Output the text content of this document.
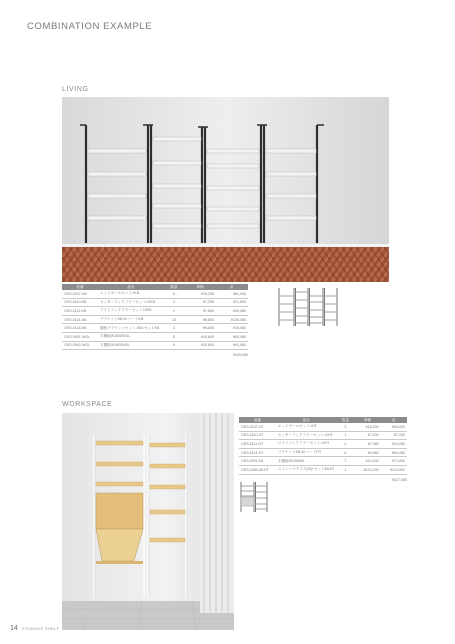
COMBINATION EXAMPLE
LIVING
品番	品名	数量	単価	計
OSS-0037-KB	エッジポールセット×KB	5	¥16,208	¥81,040
OSS-0110-KB	センターフックフラーセット×2KB	3	¥7,208	¥21,600
OSS-0111-KB	ワイドフックフラーセット×2KB	2	¥7,800	¥34,080
OSS-0114-KB	ブラケットKB-M ハードKB	16	¥8,800	¥106,080
OSS-0118-KB	棚板ブラケットセット-KB×セットKB	3	¥5,808	¥15,080
OSS-0901-WGL	木棚板W1000WGL	8	¥10,800	¥84,080
OSS-0902-WGL	木棚板W1000WGL	9	¥10,800	¥91,080
¥449,080
WORKSPACE
品番	品名	数量	単価	計
OSS-0107-HT	エッジポールセット×HT	3	¥18,200	¥54,600
OSS-0110-HT	センターフックフラーセット×2HT	1	¥7,200	¥7,200
OSS-0111-HT	ワイドフックフラーセット×2HT	2	¥7,080	¥14,080
OSS-0114-HT	ブラケットKB-M ハードHT	8	¥8,080	¥64,080
OSS-0901-ML	木棚板W1000ML	7	¥10,200	¥71,500
OSS-0480-MLHT	ストレージデスク(M)+セットMLHT	1	¥124,200	¥124,800
¥337,080
14 STORAGE SHELF
